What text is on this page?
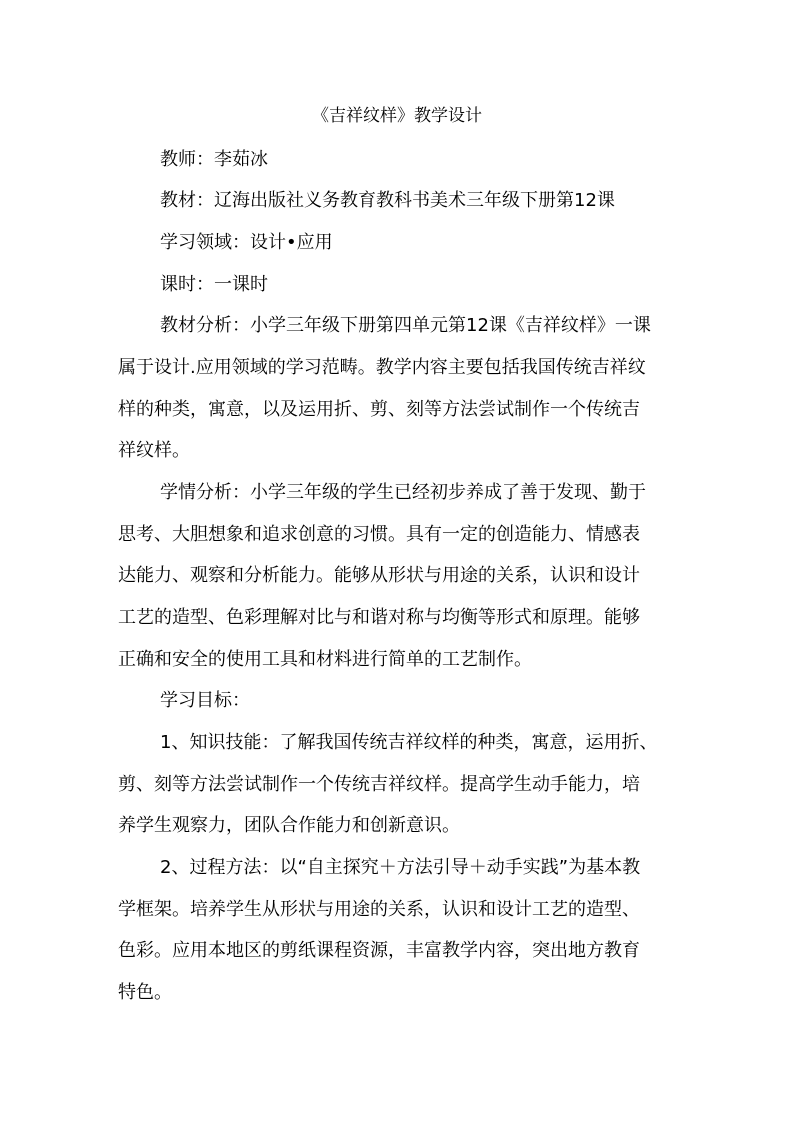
《吉祥纹样》教学设计
教师：李茹冰
教材：辽海出版社义务教育教科书美术三年级下册第12课
学习领域：设计•应用
课时：一课时
教材分析：小学三年级下册第四单元第12课《吉祥纹样》一课
属于设计.应用领域的学习范畴。教学内容主要包括我国传统吉祥纹
样的种类，寓意，以及运用折、剪、刻等方法尝试制作一个传统吉
祥纹样。
学情分析：小学三年级的学生已经初步养成了善于发现、勤于
思考、大胆想象和追求创意的习惯。具有一定的创造能力、情感表
达能力、观察和分析能力。能够从形状与用途的关系，认识和设计
工艺的造型、色彩理解对比与和谐对称与均衡等形式和原理。能够
正确和安全的使用工具和材料进行简单的工艺制作。
学习目标：
1、知识技能：了解我国传统吉祥纹样的种类，寓意，运用折、
剪、刻等方法尝试制作一个传统吉祥纹样。提高学生动手能力，培
养学生观察力，团队合作能力和创新意识。
2、过程方法：以“自主探究＋方法引导＋动手实践”为基本教
学框架。培养学生从形状与用途的关系，认识和设计工艺的造型、
色彩。应用本地区的剪纸课程资源，丰富教学内容，突出地方教育
特色。
